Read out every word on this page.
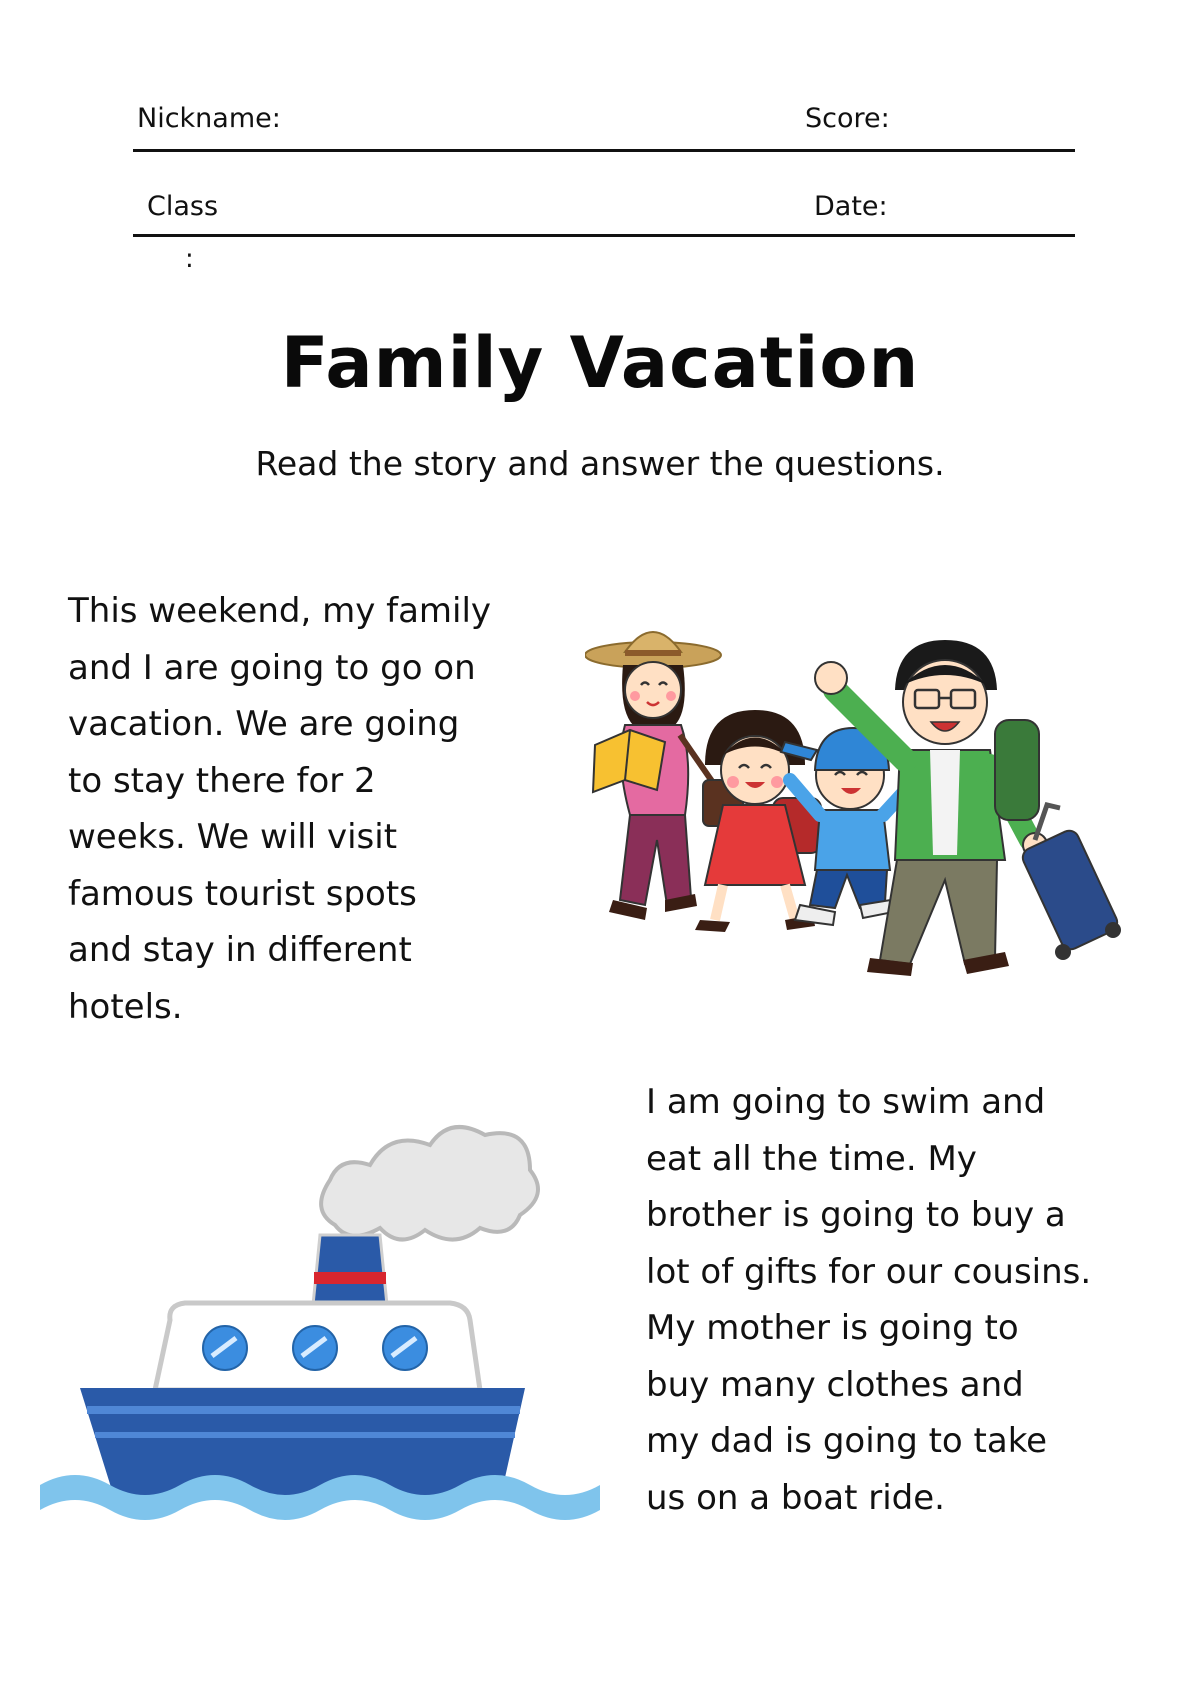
Nickname:	Score:
Class	Date:
:
Family Vacation
Read the story and answer the questions.
This weekend, my family
and I are going to go on
vacation. We are going
to stay there for 2
weeks. We will visit
famous tourist spots
and stay in different
hotels.
I am going to swim and
eat all the time. My
brother is going to buy a
lot of gifts for our cousins.
My mother is going to
buy many clothes and
my dad is going to take
us on a boat ride.
